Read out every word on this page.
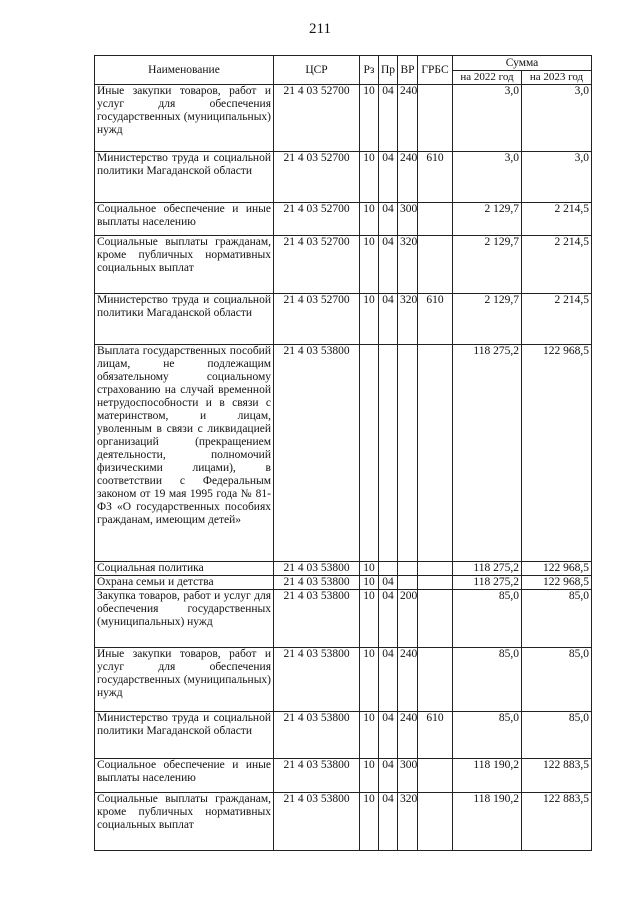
211
Наименование	ЦСР	Рз	Пр	ВР	ГРБС	Сумма	
						на 2022 год	на 2023 год
Иные закупки товаров, работ и услуг для обеспечения государственных (муниципальных) нужд	21 4 03 52700	10	04	240		3,0	3,0
Министерство труда и социальной политики Магаданской области	21 4 03 52700	10	04	240	610	3,0	3,0
Социальное обеспечение и иные выплаты населению	21 4 03 52700	10	04	300		2 129,7	2 214,5
Социальные выплаты гражданам, кроме публичных нормативных социальных выплат	21 4 03 52700	10	04	320		2 129,7	2 214,5
Министерство труда и социальной политики Магаданской области	21 4 03 52700	10	04	320	610	2 129,7	2 214,5
Выплата государственных пособий лицам, не подлежащим обязательному социальному страхованию на случай временной нетрудоспособности и в связи с материнством, и лицам, уволенным в связи с ликвидацией организаций (прекращением деятельности, полномочий физическими лицами), в соответствии с Федеральным законом от 19 мая 1995 года № 81-ФЗ «О государственных пособиях гражданам, имеющим детей»	21 4 03 53800					118 275,2	122 968,5
Социальная политика	21 4 03 53800	10				118 275,2	122 968,5
Охрана семьи и детства	21 4 03 53800	10	04			118 275,2	122 968,5
Закупка товаров, работ и услуг для обеспечения государственных (муниципальных) нужд	21 4 03 53800	10	04	200		85,0	85,0
Иные закупки товаров, работ и услуг для обеспечения государственных (муниципальных) нужд	21 4 03 53800	10	04	240		85,0	85,0
Министерство труда и социальной политики Магаданской области	21 4 03 53800	10	04	240	610	85,0	85,0
Социальное обеспечение и иные выплаты населению	21 4 03 53800	10	04	300		118 190,2	122 883,5
Социальные выплаты гражданам, кроме публичных нормативных социальных выплат	21 4 03 53800	10	04	320		118 190,2	122 883,5
